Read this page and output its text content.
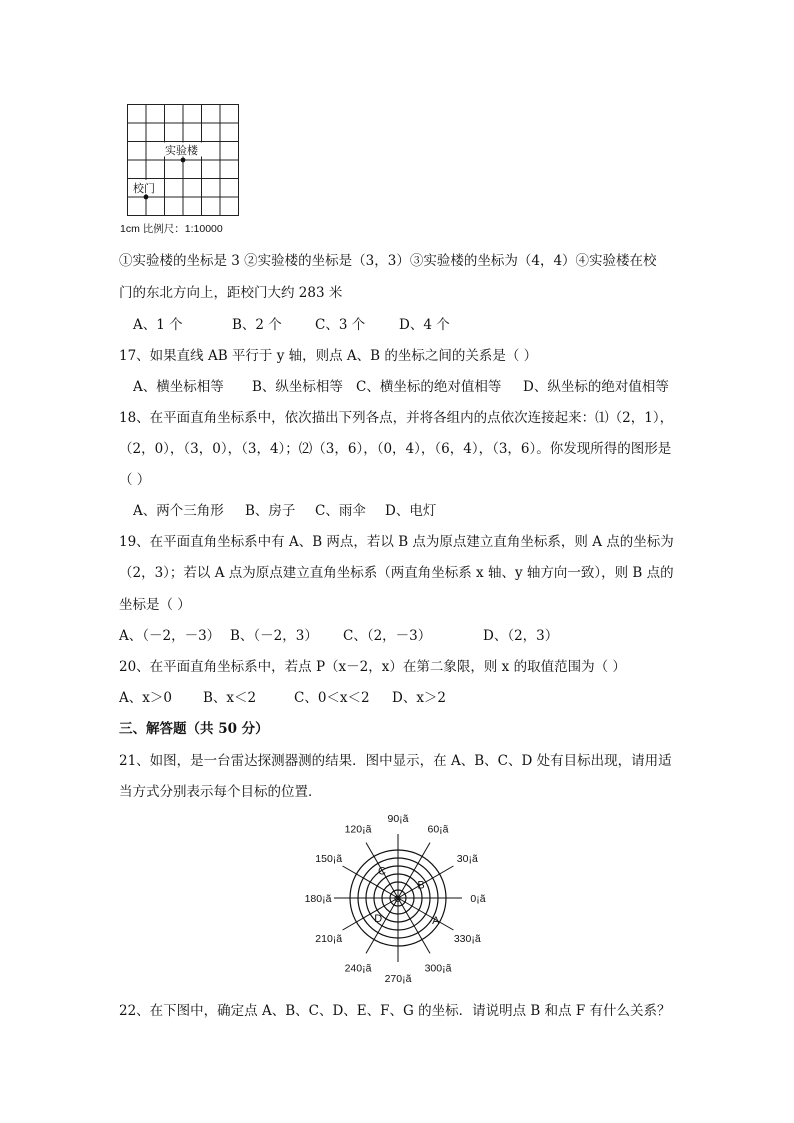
实验楼
校门
1cm 比例尺：1:10000
①实验楼的坐标是 3 ②实验楼的坐标是（3，3）③实验楼的坐标为（4，4）④实验楼在校
门的东北方向上，距校门大约 283 米
A、1 个	B、2 个 C、3 个	D、4 个
17、如果直线 AB 平行于 y 轴，则点 A、B 的坐标之间的关系是（ ）
A、横坐标相等 B、纵坐标相等 C、横坐标的绝对值相等 D、纵坐标的绝对值相等
18、在平面直角坐标系中，依次描出下列各点，并将各组内的点依次连接起来：⑴（2，1），
（2，0），（3，0），（3，4）；⑵（3，6），（0，4），（6，4），（3，6）。你发现所得的图形是
（ ）
A、两个三角形 B、房子 C、雨伞 D、电灯
19、在平面直角坐标系中有 A、B 两点，若以 B 点为原点建立直角坐标系，则 A 点的坐标为
（2，3）；若以 A 点为原点建立直角坐标系（两直角坐标系 x 轴、y 轴方向一致），则 B 点的
坐标是（ ）
A、（－2，－3） B、（－2，3） C、（2，－3）	D、（2，3）
20、在平面直角坐标系中，若点 P（x－2，x）在第二象限，则 x 的取值范围为（ ）
A、x＞0 B、x＜2	C、0＜x＜2 D、x＞2
三、解答题（共 50 分）
21、如图，是一台雷达探测器测的结果．图中显示，在 A、B、C、D 处有目标出现，请用适
当方式分别表示每个目标的位置．
0¡ã
30¡ã
60¡ã
90¡ã
120¡ã
150¡ã
180¡ã
210¡ã
240¡ã
270¡ã
300¡ã
330¡ã
O
A
B
C
D
22、在下图中，确定点 A、B、C、D、E、F、G 的坐标．请说明点 B 和点 F 有什么关系？
